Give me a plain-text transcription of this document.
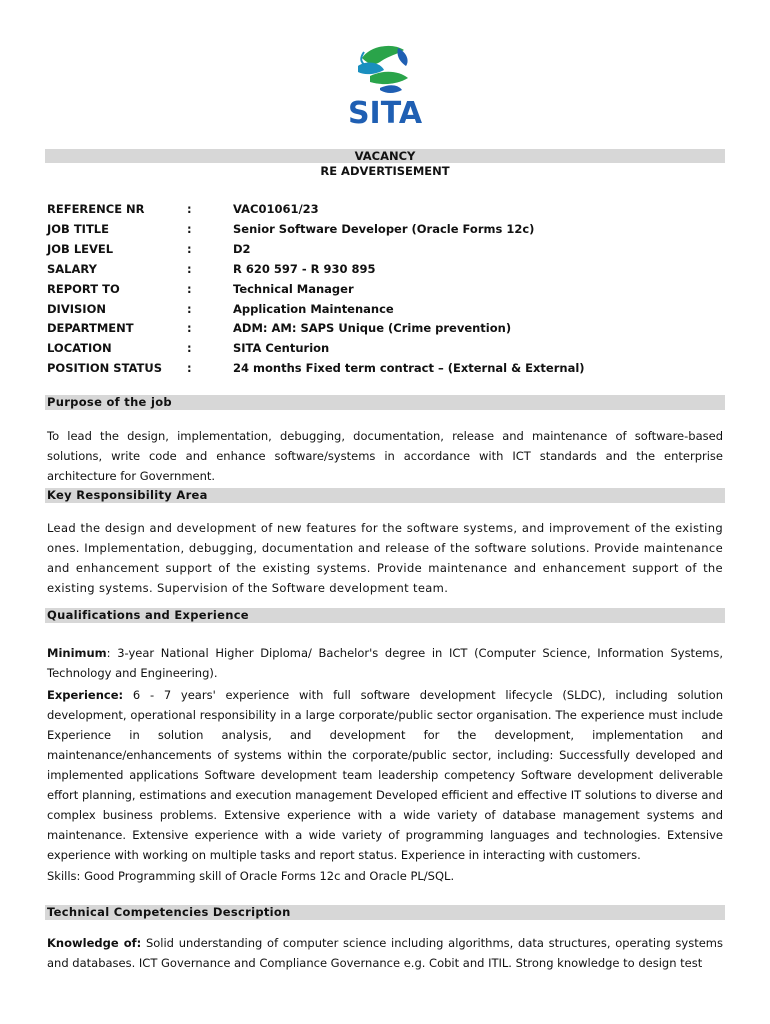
SITA
VACANCY
RE ADVERTISEMENT
REFERENCE NR	:	VAC01061/23
JOB TITLE	:	Senior Software Developer (Oracle Forms 12c)
JOB LEVEL	:	D2
SALARY	:	R 620 597 - R 930 895
REPORT TO	:	Technical Manager
DIVISION	:	Application Maintenance
DEPARTMENT	:	ADM: AM: SAPS Unique (Crime prevention)
LOCATION	:	SITA Centurion
POSITION STATUS	:	24 months Fixed term contract – (External & External)
Purpose of the job
To lead the design, implementation, debugging, documentation, release and maintenance of software-based solutions, write code and enhance software/systems in accordance with ICT standards and the enterprise architecture for Government.
Key Responsibility Area
Lead the design and development of new features for the software systems, and improvement of the existing ones. Implementation, debugging, documentation and release of the software solutions. Provide maintenance and enhancement support of the existing systems. Provide maintenance and enhancement support of the existing systems. Supervision of the Software development team.
Qualifications and Experience
Minimum: 3-year National Higher Diploma/ Bachelor's degree in ICT (Computer Science, Information Systems, Technology and Engineering).
Experience: 6 - 7 years' experience with full software development lifecycle (SLDC), including solution development, operational responsibility in a large corporate/public sector organisation. The experience must include Experience in solution analysis, and development for the development, implementation and maintenance/enhancements of systems within the corporate/public sector, including: Successfully developed and implemented applications Software development team leadership competency Software development deliverable effort planning, estimations and execution management Developed efficient and effective IT solutions to diverse and complex business problems. Extensive experience with a wide variety of database management systems and maintenance. Extensive experience with a wide variety of programming languages and technologies. Extensive experience with working on multiple tasks and report status. Experience in interacting with customers.
Skills: Good Programming skill of Oracle Forms 12c and Oracle PL/SQL.
Technical Competencies Description
Knowledge of: Solid understanding of computer science including algorithms, data structures, operating systems and databases. ICT Governance and Compliance Governance e.g. Cobit and ITIL. Strong knowledge to design test
